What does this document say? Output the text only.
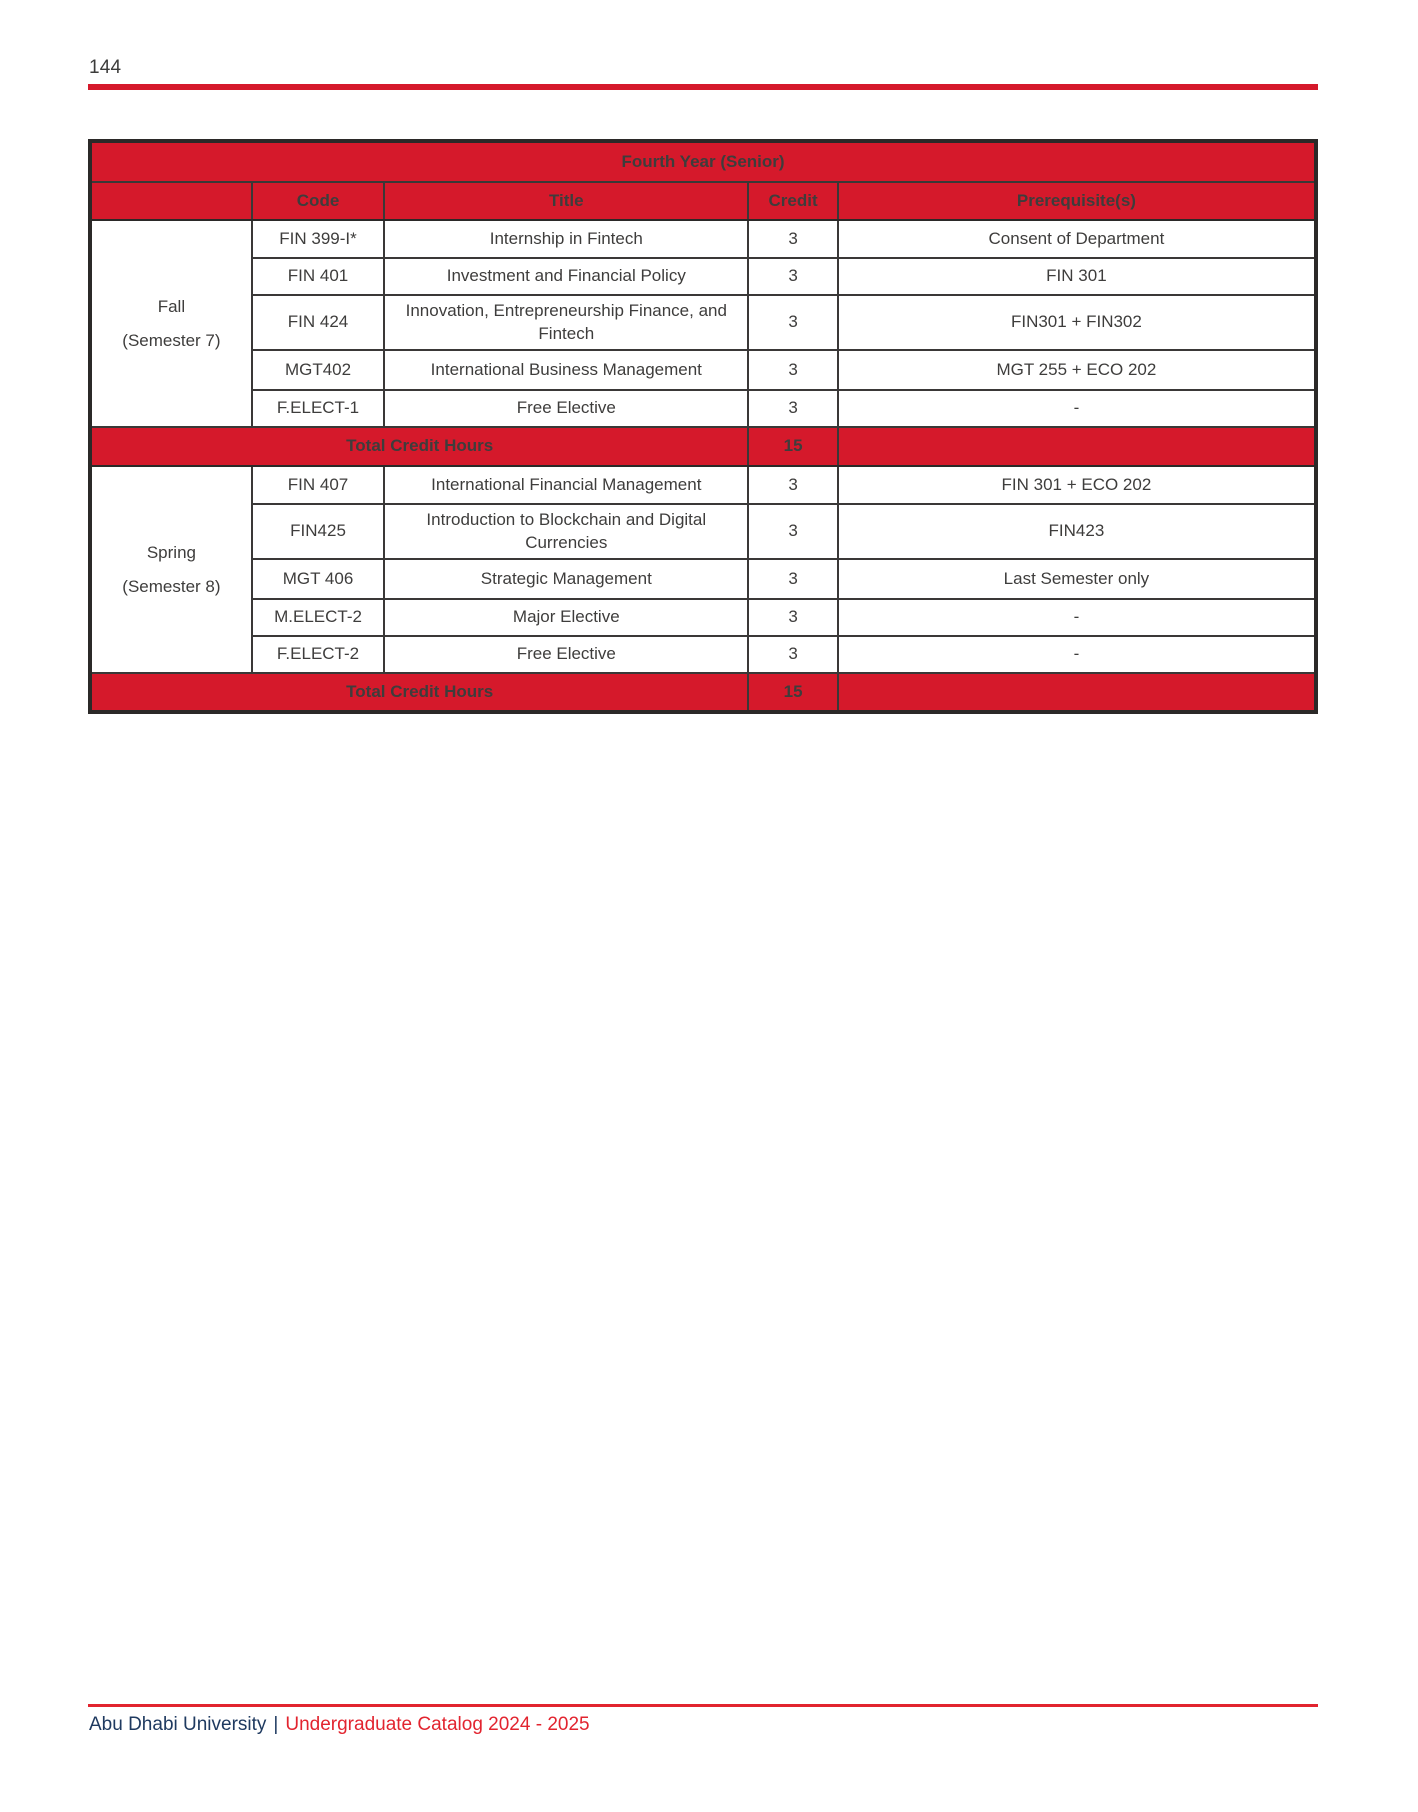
144
Fourth Year (Senior)				
	Code	Title	Credit	Prerequisite(s)

Fall
(Semester 7)	FIN 399-I*	Internship in Fintech	3	Consent of Department
	FIN 401	Investment and Financial Policy	3	FIN 301
	FIN 424	Innovation, Entrepreneurship Finance, and Fintech	3	FIN301 + FIN302
	MGT402	International Business Management	3	MGT 255 + ECO 202
	F.ELECT-1	Free Elective	3	-
Total Credit Hours			15	

Spring
(Semester 8)	FIN 407	International Financial Management	3	FIN 301 + ECO 202
	FIN425	Introduction to Blockchain and Digital Currencies	3	FIN423
	MGT 406	Strategic Management	3	Last Semester only
	M.ELECT-2	Major Elective	3	-
	F.ELECT-2	Free Elective	3	-
Total Credit Hours			15	
Abu Dhabi University | Undergraduate Catalog 2024 - 2025
